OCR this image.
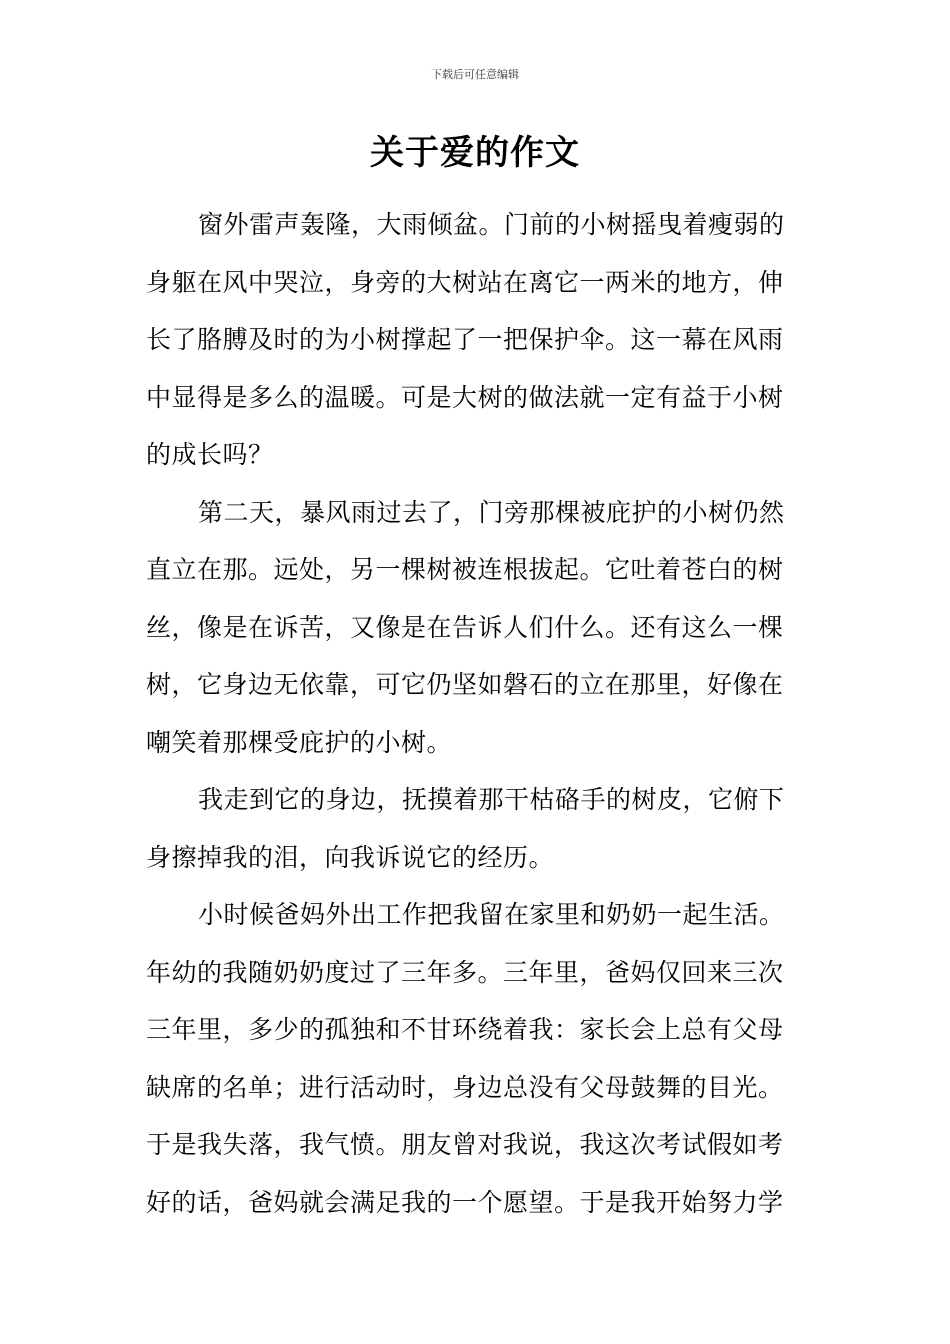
下载后可任意编辑
关于爱的作文

窗外雷声轰隆，大雨倾盆。门前的小树摇曳着瘦弱的
身躯在风中哭泣，身旁的大树站在离它一两米的地方，伸
长了胳膊及时的为小树撑起了一把保护伞。这一幕在风雨
中显得是多么的温暖。可是大树的做法就一定有益于小树
的成长吗？

第二天，暴风雨过去了，门旁那棵被庇护的小树仍然
直立在那。远处，另一棵树被连根拔起。它吐着苍白的树
丝，像是在诉苦，又像是在告诉人们什么。还有这么一棵
树，它身边无依靠，可它仍坚如磐石的立在那里，好像在
嘲笑着那棵受庇护的小树。

我走到它的身边，抚摸着那干枯硌手的树皮，它俯下
身擦掉我的泪，向我诉说它的经历。

小时候爸妈外出工作把我留在家里和奶奶一起生活。
年幼的我随奶奶度过了三年多。三年里，爸妈仅回来三次
三年里，多少的孤独和不甘环绕着我：家长会上总有父母
缺席的名单；进行活动时，身边总没有父母鼓舞的目光。
于是我失落，我气愤。朋友曾对我说，我这次考试假如考
好的话，爸妈就会满足我的一个愿望。于是我开始努力学
